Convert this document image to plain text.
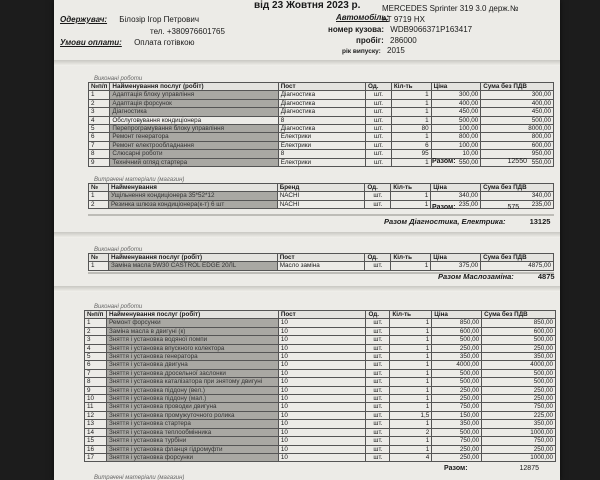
від 23 Жовтня 2023 р.
Одержувач: Білозір Ігор Петрович
тел. +380976601765
Умови оплати: Оплата готівкою
Автомобіль:
MERCEDES Sprinter 319 3.0 держ.№
АТ 9719 НХ
номер кузова: WDB9066371P163417
пробіг: 286000
рік випуску: 2015
Виконані роботи
№п/п	Найменування послуг (робіт)	Пост	Од.	Кіл-ть	Ціна	Сума без ПДВ
1	Адаптація блоку управління	Діагностика	шт.	1	300,00	300,00
2	Адаптація форсунок	Діагностика	шт.	1	400,00	400,00
3	Діагностика	Діагностика	шт.	1	450,00	450,00
4	Обслуговування кондиціонера	8	шт.	1	500,00	500,00
5	Перепрограмування блоку управління	Діагностика	шт.	80	100,00	8000,00
6	Ремонт генератора	Електрики	шт.	1	800,00	800,00
7	Ремонт електрообладнання	Електрики	шт.	6	100,00	600,00
8	Слюсарні роботи	8	шт.	95	10,00	950,00
9	Технічний огляд стартера	Електрики	шт.	1	550,00	550,00
Разом:	12550
Витрачені матеріали (магазин)
№	Найменування	Бренд	Од.	Кіл-ть	Ціна	Сума без ПДВ
1	Ущільнення кондиціонера 35*52*12	NACHI	шт.	1	340,00	340,00
2	Резинка шлюза кондиціонера(к-т) 6 шт	NACHI	шт.	1	235,00	235,00
Разом:	575
Разом Діагностика, Електрика:	13125
Виконані роботи
№	Найменування послуг (робіт)	Пост	Од.	Кіл-ть	Ціна	Сума без ПДВ
1	Заміна масла 5W30 CASTROL EDGE 20ЛL	Масло заміна	шт.	1	375,00	4875,00
Разом Маслозаміна:	4875
Виконані роботи
№п/п	Найменування послуг (робіт)	Пост	Од.	Кіл-ть	Ціна	Сума без ПДВ
1	Ремонт форсунки	10	шт.	1	850,00	850,00
2	Заміна масла в двигуні (к)	10	шт.	1	600,00	600,00
3	Зняття і установка водяної помпи	10	шт.	1	500,00	500,00
4	Зняття і установка впускного колектора	10	шт.	1	250,00	250,00
5	Зняття і установка генератора	10	шт.	1	350,00	350,00
6	Зняття і установка двигуна	10	шт.	1	4000,00	4000,00
7	Зняття і установка дросельної заслонки	10	шт.	1	500,00	500,00
8	Зняття і установка каталізатора при знятому двигуні	10	шт.	1	500,00	500,00
9	Зняття і установка піддону (вел.)	10	шт.	1	250,00	250,00
10	Зняття і установка піддону (мал.)	10	шт.	1	250,00	250,00
11	Зняття і установка проводки двигуна	10	шт.	1	750,00	750,00
12	Зняття і установка промужуточного ролика	10	шт.	1,5	150,00	225,00
13	Зняття і установка стартера	10	шт.	1	350,00	350,00
14	Зняття і установка теплообмінника	10	шт.	2	500,00	1000,00
15	Зняття і установка турбіни	10	шт.	1	750,00	750,00
16	Зняття і установка фланця гідромуфти	10	шт.	1	250,00	250,00
17	Зняття і установка форсунки	10	шт.	4	250,00	1000,00
Разом:	12875
Витрачені матеріали (магазин)
